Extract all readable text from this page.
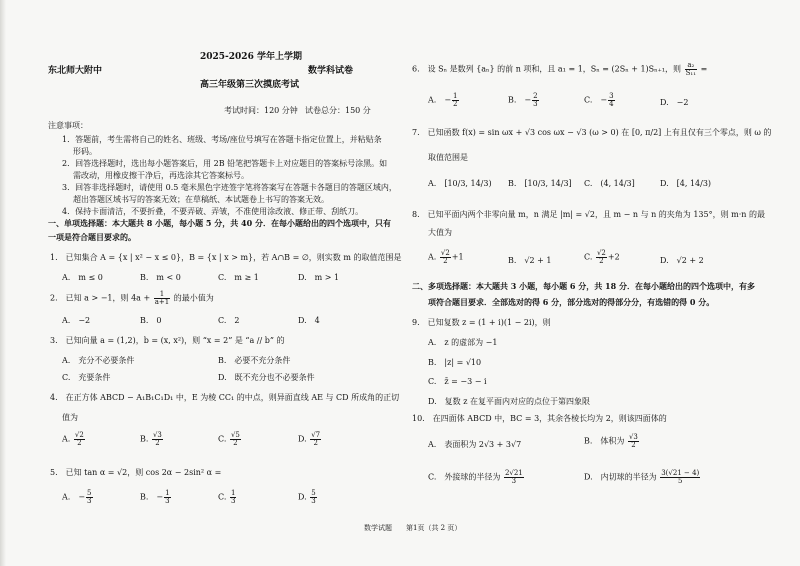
东北师大附中
2025-2026 学年上学期
数学科试卷
高三年级第三次摸底考试
考试时间：120 分钟 试卷总分：150 分
注意事项：
1．答题前，考生需将自己的姓名、班级、考场/座位号填写在答题卡指定位置上，并粘贴条
形码。
2．回答选择题时，选出每小题答案后，用 2B 铅笔把答题卡上对应题目的答案标号涂黑。如
需改动，用橡皮擦干净后，再选涂其它答案标号。
3．回答非选择题时，请使用 0.5 毫米黑色字迹签字笔将答案写在答题卡各题目的答题区域内，
超出答题区域书写的答案无效；在草稿纸、本试题卷上书写的答案无效。
4．保持卡面清洁，不要折叠，不要弄破、弄皱，不准使用涂改液、修正带、刮纸刀。
一、单项选择题：本大题共 8 小题，每小题 5 分，共 40 分．在每小题给出的四个选项中，只有
一项是符合题目要求的。
1.　已知集合 A = {x | x² − x ≤ 0}，B = {x | x > m}，若 A∩B = ∅，则实数 m 的取值范围是
A.　m ≤ 0	B.　m < 0	C.　m ≥ 1	D.　m > 1
2.　已知 a > −1，则 $4a + \frac{1}{a+1}$ 的最小值为
A.　−2	B.　0	C.　2	D.　4
3.　已知向量 a = (1,2)，b = (x, x²)，则 “x = 2” 是 “a // b” 的
A.　充分不必要条件	B.　必要不充分条件
C.　充要条件	D.　既不充分也不必要条件
4.　在正方体 ABCD − A₁B₁C₁D₁ 中，E 为棱 CC₁ 的中点，则异面直线 AE 与 CD 所成角的正切
值为
A. $\frac{√2}{2}$	B. $\frac{√3}{2}$	C. $\frac{√5}{2}$	D. $\frac{√7}{2}$
5.　已知 tan α = √2，则 cos 2α − 2sin² α =
A.　− $\frac{5}{3}$	B.　− $\frac{1}{3}$	C. $\frac{1}{3}$	D. $\frac{5}{3}$
6.　设 Sₙ 是数列 {aₙ} 的前 n 项和，且 a₁ = 1，Sₙ = (2Sₙ + 1)Sₙ₊₁，则 $\frac{\text{a₂}}{\text{S₁₁}}$ =
A.　− $\frac{1}{2}$	B.　− $\frac{2}{3}$	C.　− $\frac{3}{4}$	D.　−2
7.　已知函数 f(x) = sin ωx + √3 cos ωx − √3 (ω > 0) 在 [0, π/2] 上有且仅有三个零点，则 ω 的
取值范围是
A.　[10/3, 14/3) B.　[10/3, 14/3] C.　(4, 14/3]	D.　[4, 14/3)
8.　已知平面内两个非零向量 m，n 满足 |m| = √2，且 m − n 与 n 的夹角为 135°，则 m·n 的最
大值为
A. $\frac{√2}{2} +1$	B.　√2 + 1	C. $\frac{√2}{2} +2$	D.　√2 + 2
二、多项选择题：本大题共 3 小题，每小题 6 分，共 18 分．在每小题给出的四个选项中，有多
项符合题目要求．全部选对的得 6 分，部分选对的得部分分，有选错的得 0 分。
9.　已知复数 z = (1 + i)(1 − 2i)，则
A.　z 的虚部为 −1
B.　|z| = √10
C.　z̄ = −3 − i
D.　复数 z 在复平面内对应的点位于第四象限
10.　在四面体 ABCD 中，BC = 3，其余各棱长均为 2，则该四面体的
A.　表面积为 2√3 + 3√7	B.　体积为 $\frac{√3}{2}$
C.　外接球的半径为 $\frac{2√21}{3}$	D.　内切球的半径为 $\frac{3(√21 - 4)}{5}$
数学试题　　第1页（共 2 页）
